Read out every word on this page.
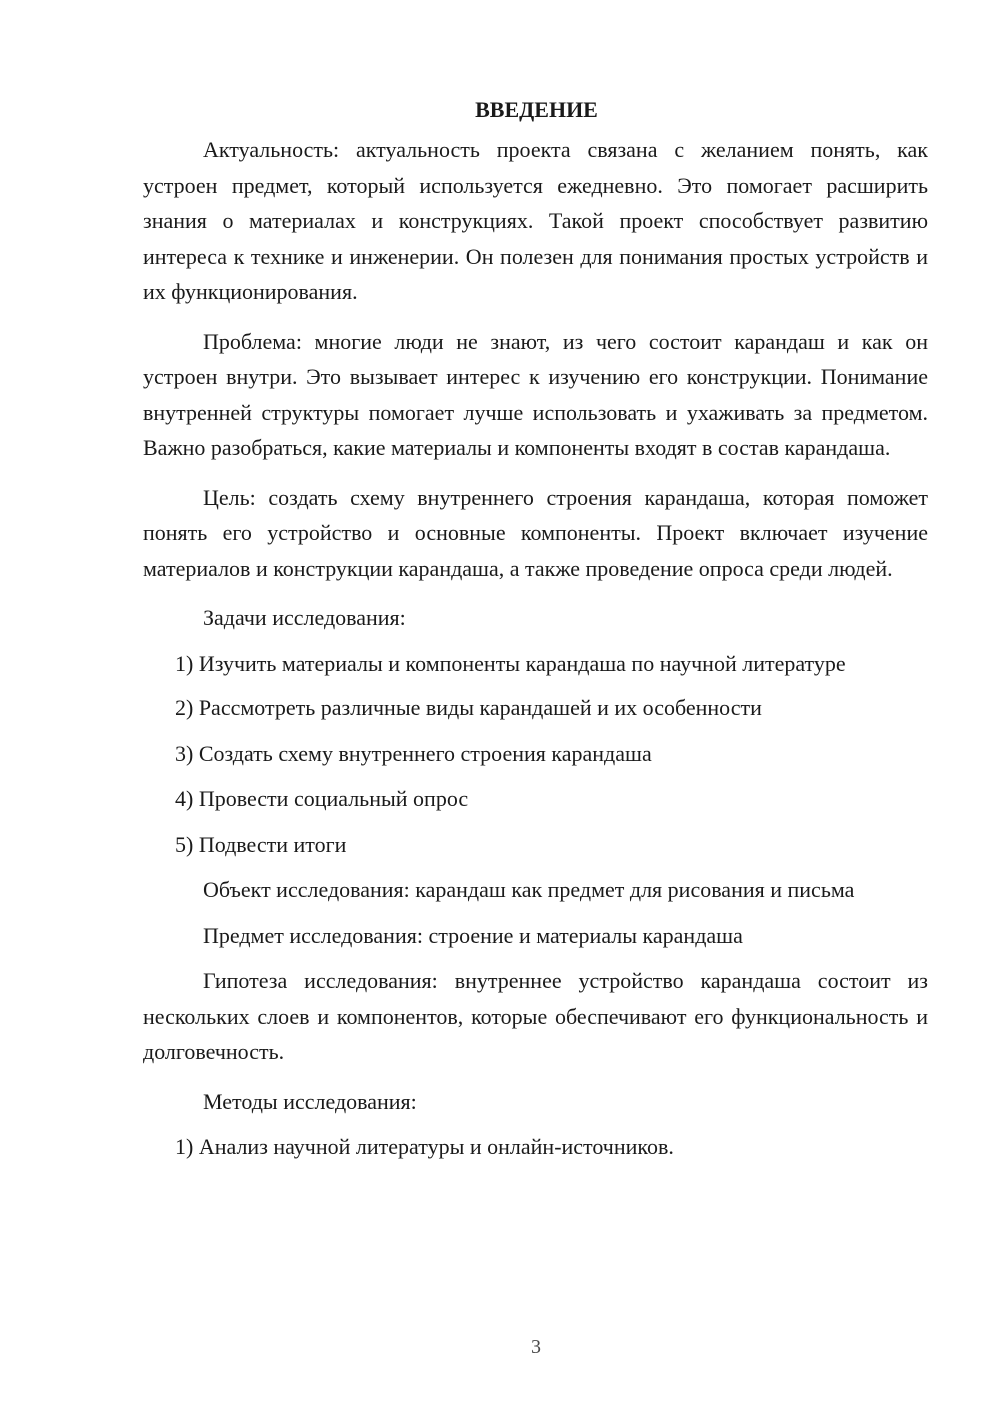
ВВЕДЕНИЕ

Актуальность: актуальность проекта связана с желанием понять, как устроен предмет, который используется ежедневно. Это помогает расширить знания о материалах и конструкциях. Такой проект способствует развитию интереса к технике и инженерии. Он полезен для понимания простых устройств и их функционирования.

Проблема: многие люди не знают, из чего состоит карандаш и как он устроен внутри. Это вызывает интерес к изучению его конструкции. Понимание внутренней структуры помогает лучше использовать и ухаживать за предметом. Важно разобраться, какие материалы и компоненты входят в состав карандаша.

Цель: создать схему внутреннего строения карандаша, которая поможет понять его устройство и основные компоненты. Проект включает изучение материалов и конструкции карандаша, а также проведение опроса среди людей.

Задачи исследования:

1) Изучить материалы и компоненты карандаша по научной литературе

2) Рассмотреть различные виды карандашей и их особенности

3) Создать схему внутреннего строения карандаша

4) Провести социальный опрос

5) Подвести итоги

Объект исследования: карандаш как предмет для рисования и письма

Предмет исследования: строение и материалы карандаша

Гипотеза исследования: внутреннее устройство карандаша состоит из нескольких слоев и компонентов, которые обеспечивают его функциональность и долговечность.

Методы исследования:

1) Анализ научной литературы и онлайн-источников.

3
